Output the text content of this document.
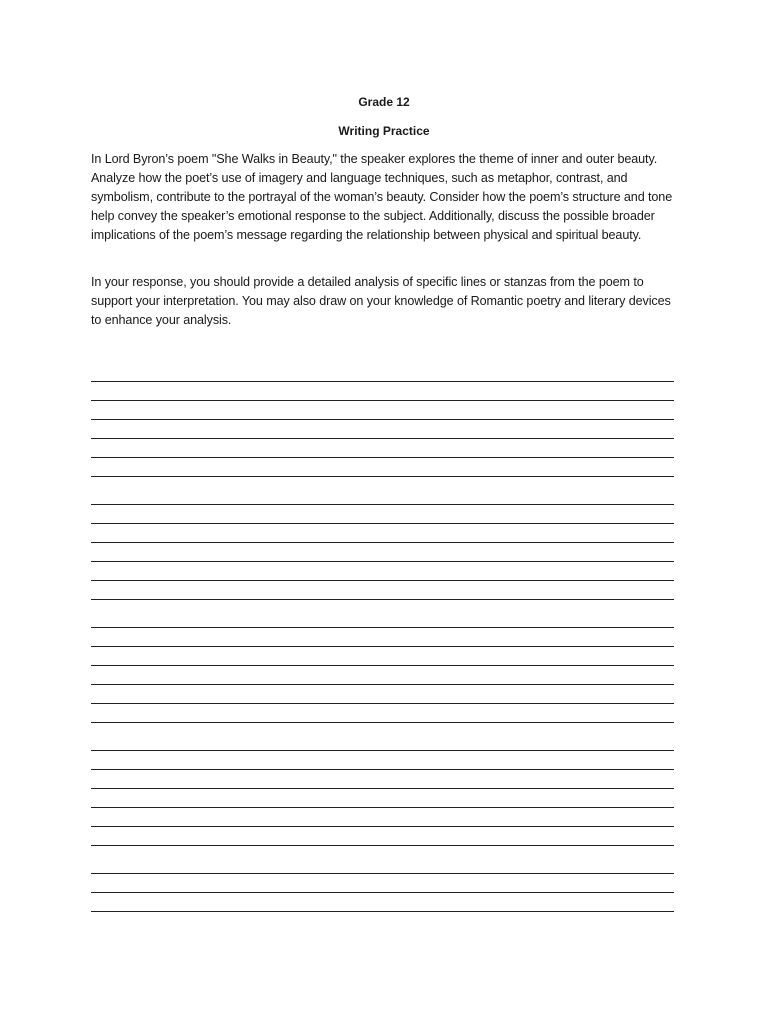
Grade 12
Writing Practice

In Lord Byron’s poem "She Walks in Beauty," the speaker explores the theme of inner and outer beauty. Analyze how the poet’s use of imagery and language techniques, such as metaphor, contrast, and symbolism, contribute to the portrayal of the woman’s beauty. Consider how the poem’s structure and tone help convey the speaker’s emotional response to the subject. Additionally, discuss the possible broader implications of the poem’s message regarding the relationship between physical and spiritual beauty.

In your response, you should provide a detailed analysis of specific lines or stanzas from the poem to support your interpretation. You may also draw on your knowledge of Romantic poetry and literary devices to enhance your analysis.
